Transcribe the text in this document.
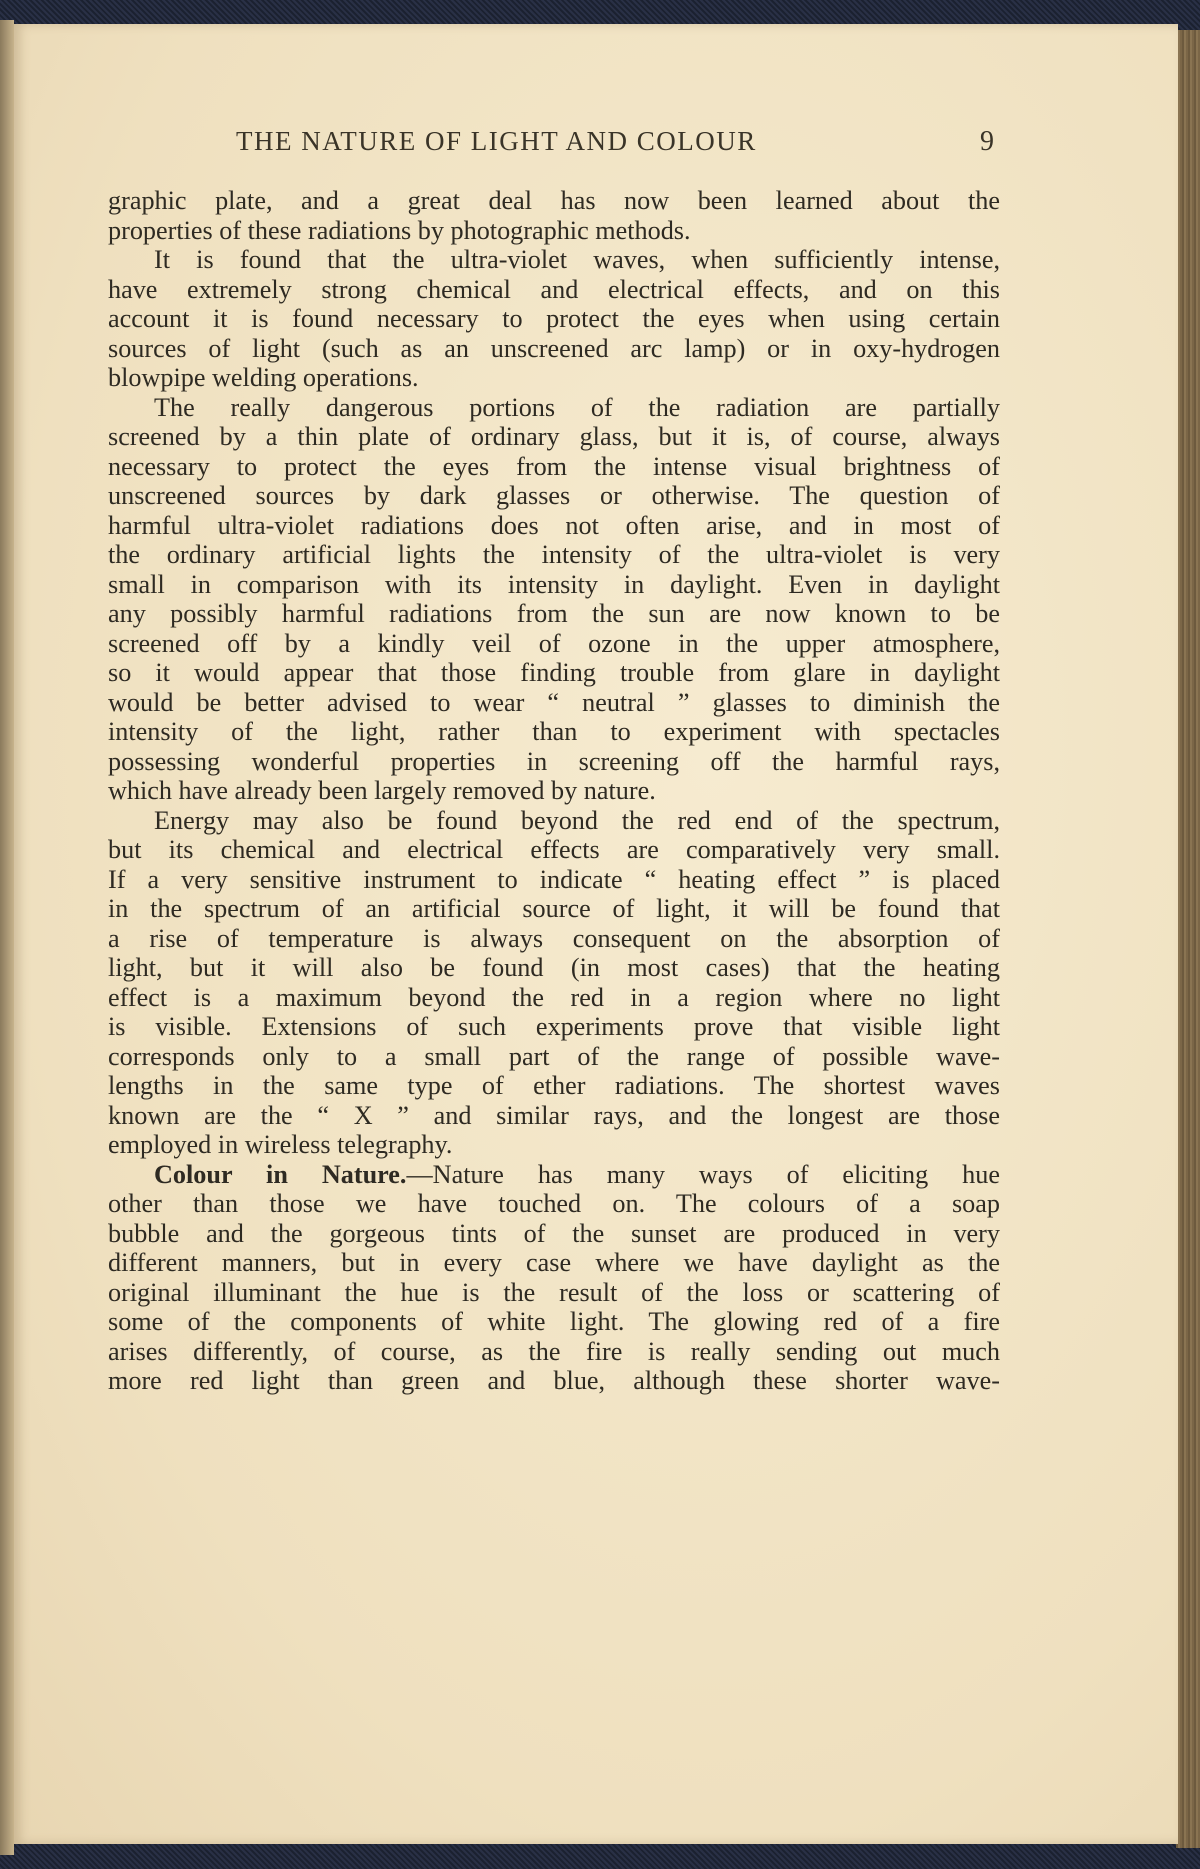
THE NATURE OF LIGHT AND COLOUR	9
graphic plate, and a great deal has now been learned about the
properties of these radiations by photographic methods.
It is found that the ultra-violet waves, when sufficiently intense,
have extremely strong chemical and electrical effects, and on this
account it is found necessary to protect the eyes when using certain
sources of light (such as an unscreened arc lamp) or in oxy-hydrogen
blowpipe welding operations.
The really dangerous portions of the radiation are partially
screened by a thin plate of ordinary glass, but it is, of course, always
necessary to protect the eyes from the intense visual brightness of
unscreened sources by dark glasses or otherwise. The question of
harmful ultra-violet radiations does not often arise, and in most of
the ordinary artificial lights the intensity of the ultra-violet is very
small in comparison with its intensity in daylight. Even in daylight
any possibly harmful radiations from the sun are now known to be
screened off by a kindly veil of ozone in the upper atmosphere,
so it would appear that those finding trouble from glare in daylight
would be better advised to wear “ neutral ” glasses to diminish the
intensity of the light, rather than to experiment with spectacles
possessing wonderful properties in screening off the harmful rays,
which have already been largely removed by nature.
Energy may also be found beyond the red end of the spectrum,
but its chemical and electrical effects are comparatively very small.
If a very sensitive instrument to indicate “ heating effect ” is placed
in the spectrum of an artificial source of light, it will be found that
a rise of temperature is always consequent on the absorption of
light, but it will also be found (in most cases) that the heating
effect is a maximum beyond the red in a region where no light
is visible. Extensions of such experiments prove that visible light
corresponds only to a small part of the range of possible wave-
lengths in the same type of ether radiations. The shortest waves
known are the “ X ” and similar rays, and the longest are those
employed in wireless telegraphy.
Colour in Nature.—Nature has many ways of eliciting hue
other than those we have touched on. The colours of a soap
bubble and the gorgeous tints of the sunset are produced in very
different manners, but in every case where we have daylight as the
original illuminant the hue is the result of the loss or scattering of
some of the components of white light. The glowing red of a fire
arises differently, of course, as the fire is really sending out much
more red light than green and blue, although these shorter wave-
